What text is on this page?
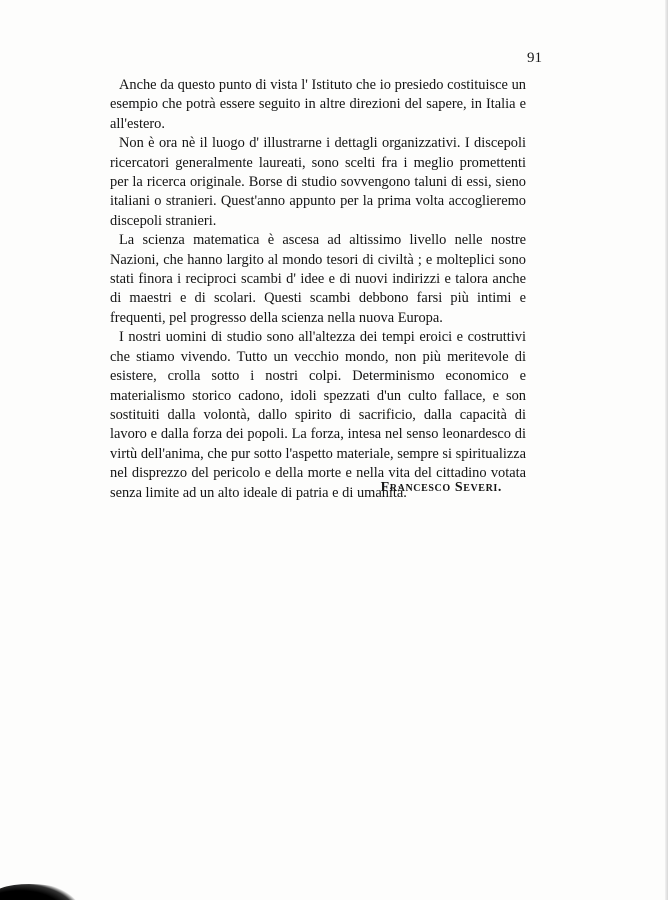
91

Anche da questo punto di vista l' Istituto che io presiedo costituisce un esempio che potrà essere seguito in altre direzioni del sapere, in Italia e all'estero.

Non è ora nè il luogo d' illustrarne i dettagli organizzativi. I discepoli ricercatori generalmente laureati, sono scelti fra i meglio promettenti per la ricerca originale. Borse di studio sovvengono taluni di essi, sieno italiani o stranieri. Quest'anno appunto per la prima volta accoglieremo discepoli stranieri.

La scienza matematica è ascesa ad altissimo livello nelle nostre Nazioni, che hanno largito al mondo tesori di civiltà ; e molteplici sono stati finora i reciproci scambi d' idee e di nuovi indirizzi e talora anche di maestri e di scolari. Questi scambi debbono farsi più intimi e frequenti, pel progresso della scienza nella nuova Europa.

I nostri uomini di studio sono all'altezza dei tempi eroici e costruttivi che stiamo vivendo. Tutto un vecchio mondo, non più meritevole di esistere, crolla sotto i nostri colpi. Determinismo economico e materialismo storico cadono, idoli spezzati d'un culto fallace, e son sostituiti dalla volontà, dallo spirito di sacrificio, dalla capacità di lavoro e dalla forza dei popoli. La forza, intesa nel senso leonardesco di virtù dell'anima, che pur sotto l'aspetto materiale, sempre si spiritualizza nel disprezzo del pericolo e della morte e nella vita del cittadino votata senza limite ad un alto ideale di patria e di umanità.

Francesco Severi.
